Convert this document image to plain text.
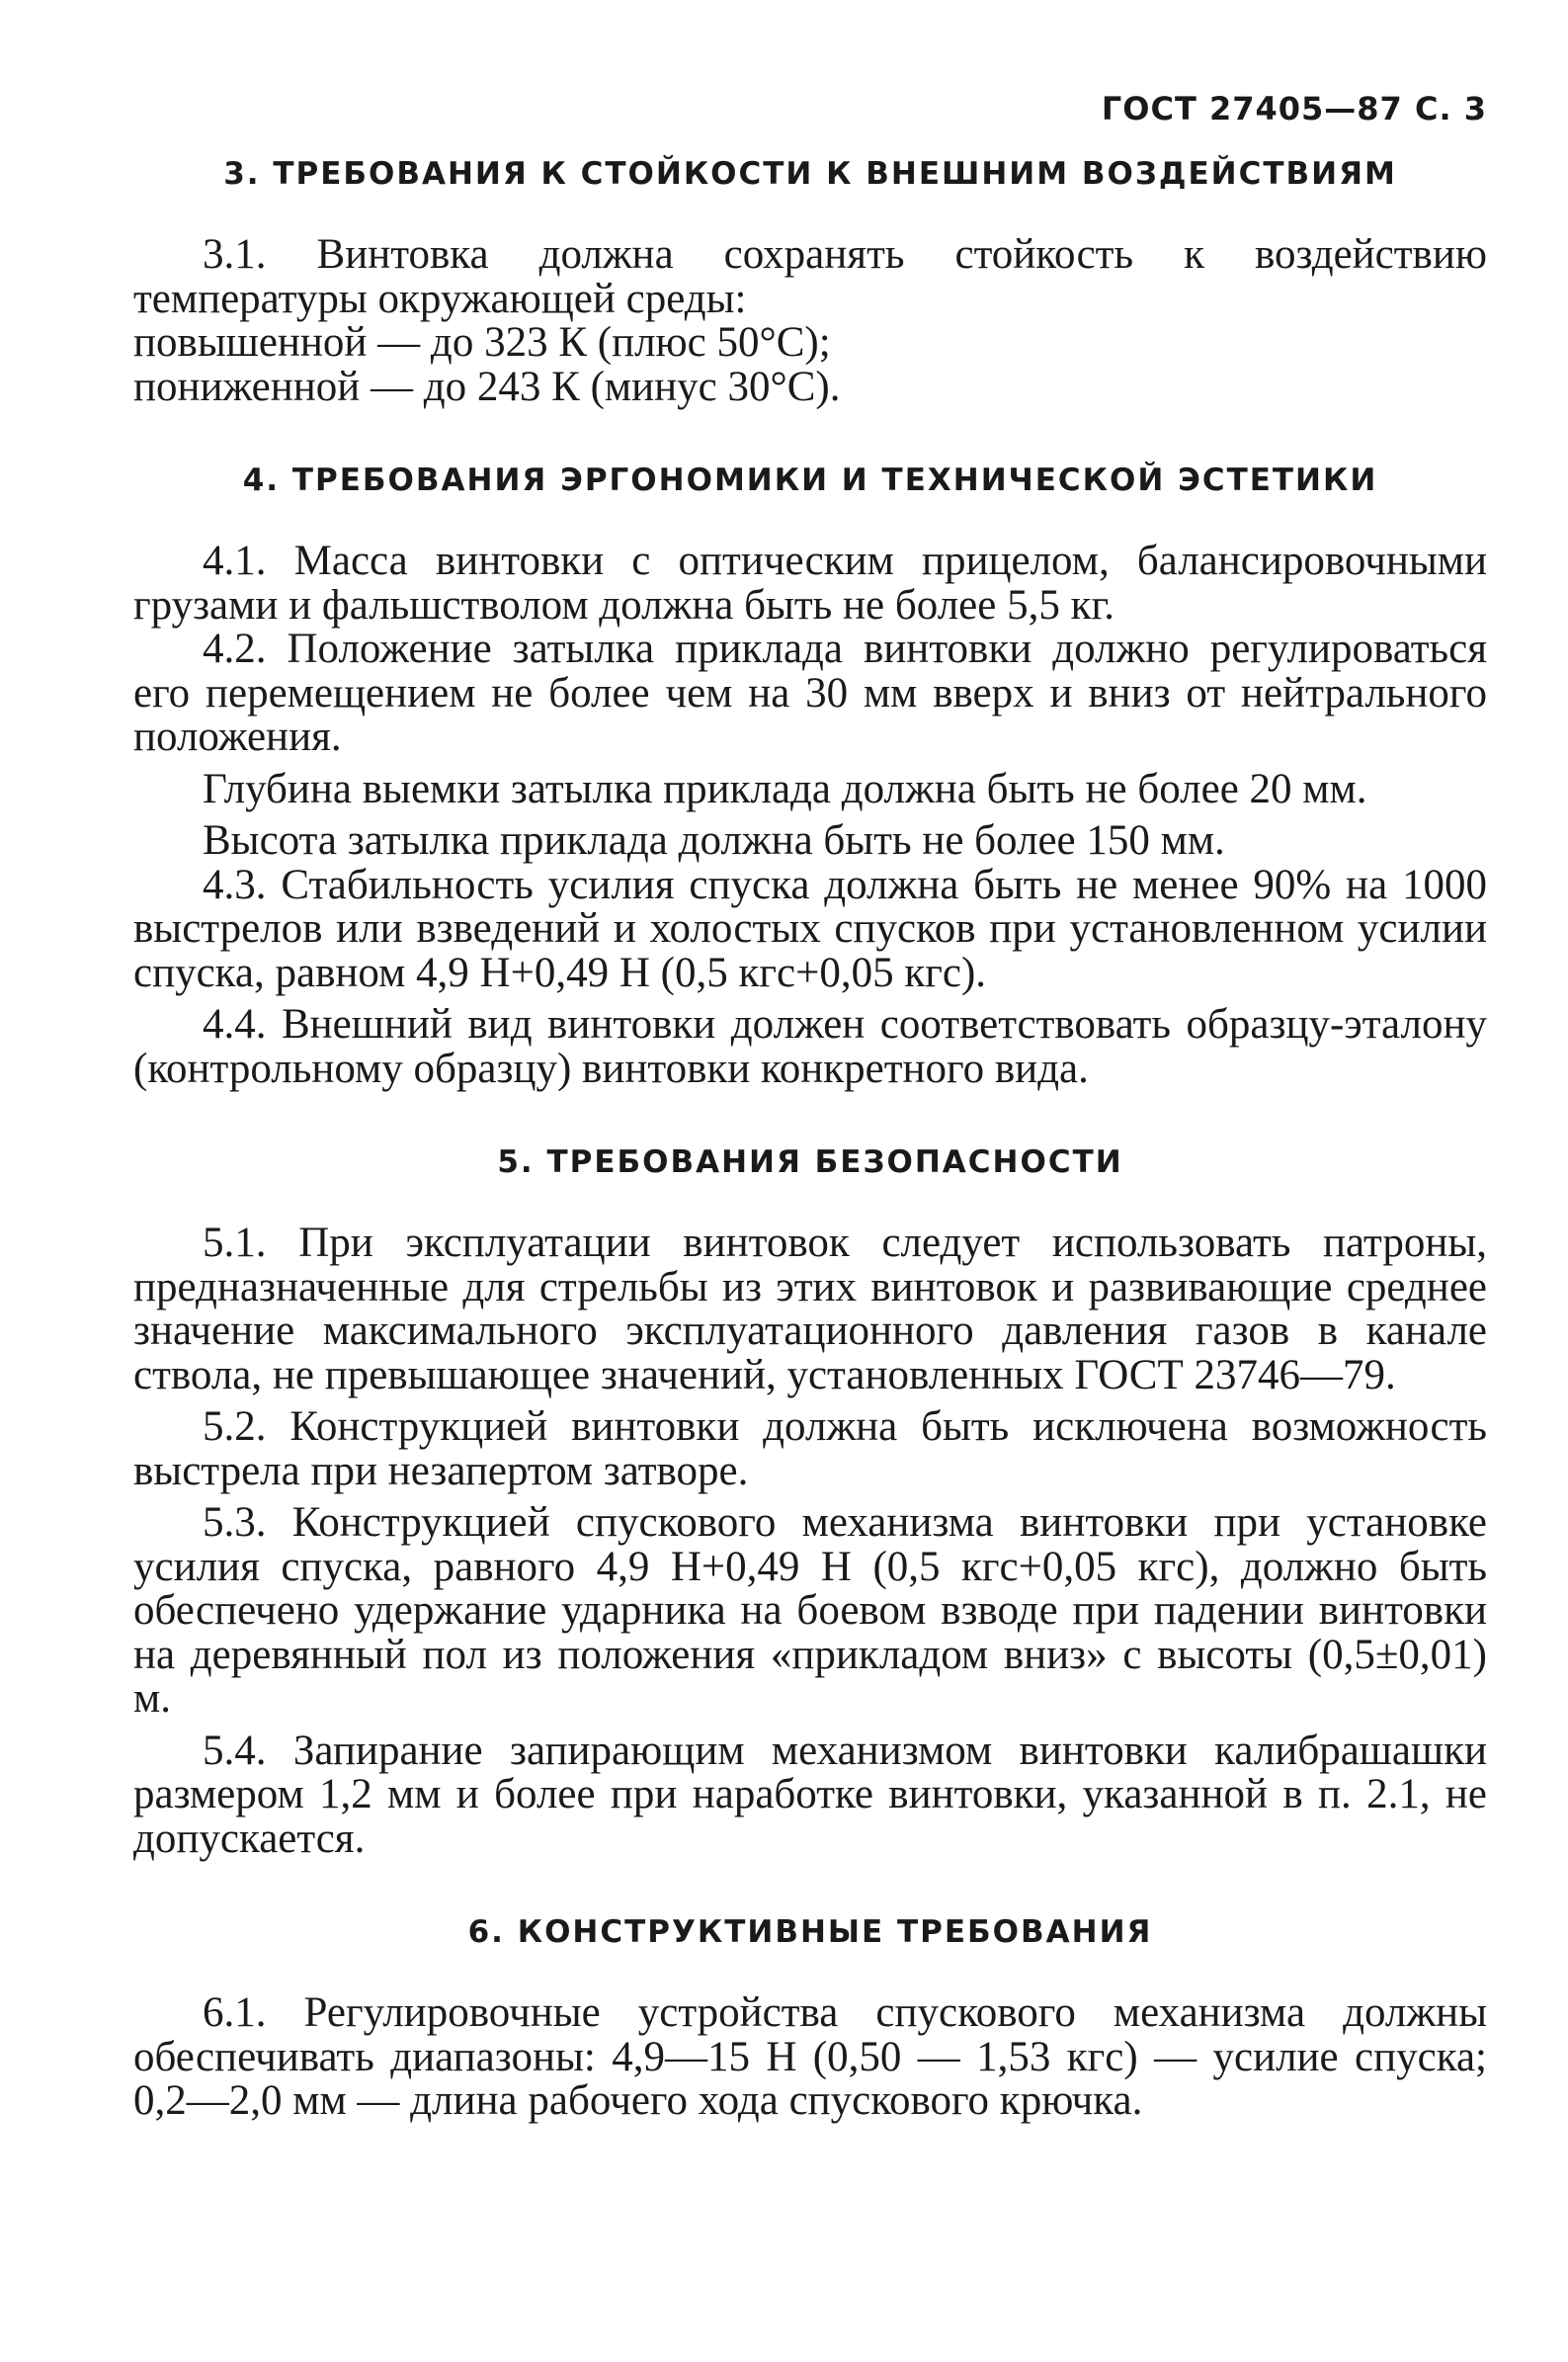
ГОСТ 27405—87 С. 3
3. ТРЕБОВАНИЯ К СТОЙКОСТИ К ВНЕШНИМ ВОЗДЕЙСТВИЯМ

3.1. Винтовка должна сохранять стойкость к воздействию температуры окружающей среды:

повышенной — до 323 К (плюс 50°С);
пониженной — до 243 К (минус 30°С).
4. ТРЕБОВАНИЯ ЭРГОНОМИКИ И ТЕХНИЧЕСКОЙ ЭСТЕТИКИ

4.1. Масса винтовки с оптическим прицелом, балансировочными грузами и фальшстволом должна быть не более 5,5 кг.

4.2. Положение затылка приклада винтовки должно регулироваться его перемещением не более чем на 30 мм вверх и вниз от нейтрального положения.

Глубина выемки затылка приклада должна быть не более 20 мм.

Высота затылка приклада должна быть не более 150 мм.

4.3. Стабильность усилия спуска должна быть не менее 90% на 1000 выстрелов или взведений и холостых спусков при установленном усилии спуска, равном 4,9 Н+0,49 Н (0,5 кгс+0,05 кгс).

4.4. Внешний вид винтовки должен соответствовать образцу-эталону (контрольному образцу) винтовки конкретного вида.

5. ТРЕБОВАНИЯ БЕЗОПАСНОСТИ

5.1. При эксплуатации винтовок следует использовать патроны, предназначенные для стрельбы из этих винтовок и развивающие среднее значение максимального эксплуатационного давления газов в канале ствола, не превышающее значений, установленных ГОСТ 23746—79.

5.2. Конструкцией винтовки должна быть исключена возможность выстрела при незапертом затворе.

5.3. Конструкцией спускового механизма винтовки при установке усилия спуска, равного 4,9 Н+0,49 Н (0,5 кгс+0,05 кгс), должно быть обеспечено удержание ударника на боевом взводе при падении винтовки на деревянный пол из положения «прикладом вниз» с высоты (0,5±0,01) м.

5.4. Запирание запирающим механизмом винтовки калибрашашки размером 1,2 мм и более при наработке винтовки, указанной в п. 2.1, не допускается.

6. КОНСТРУКТИВНЫЕ ТРЕБОВАНИЯ

6.1. Регулировочные устройства спускового механизма должны обеспечивать диапазоны: 4,9—15 Н (0,50 — 1,53 кгс) — усилие спуска; 0,2—2,0 мм — длина рабочего хода спускового крючка.
